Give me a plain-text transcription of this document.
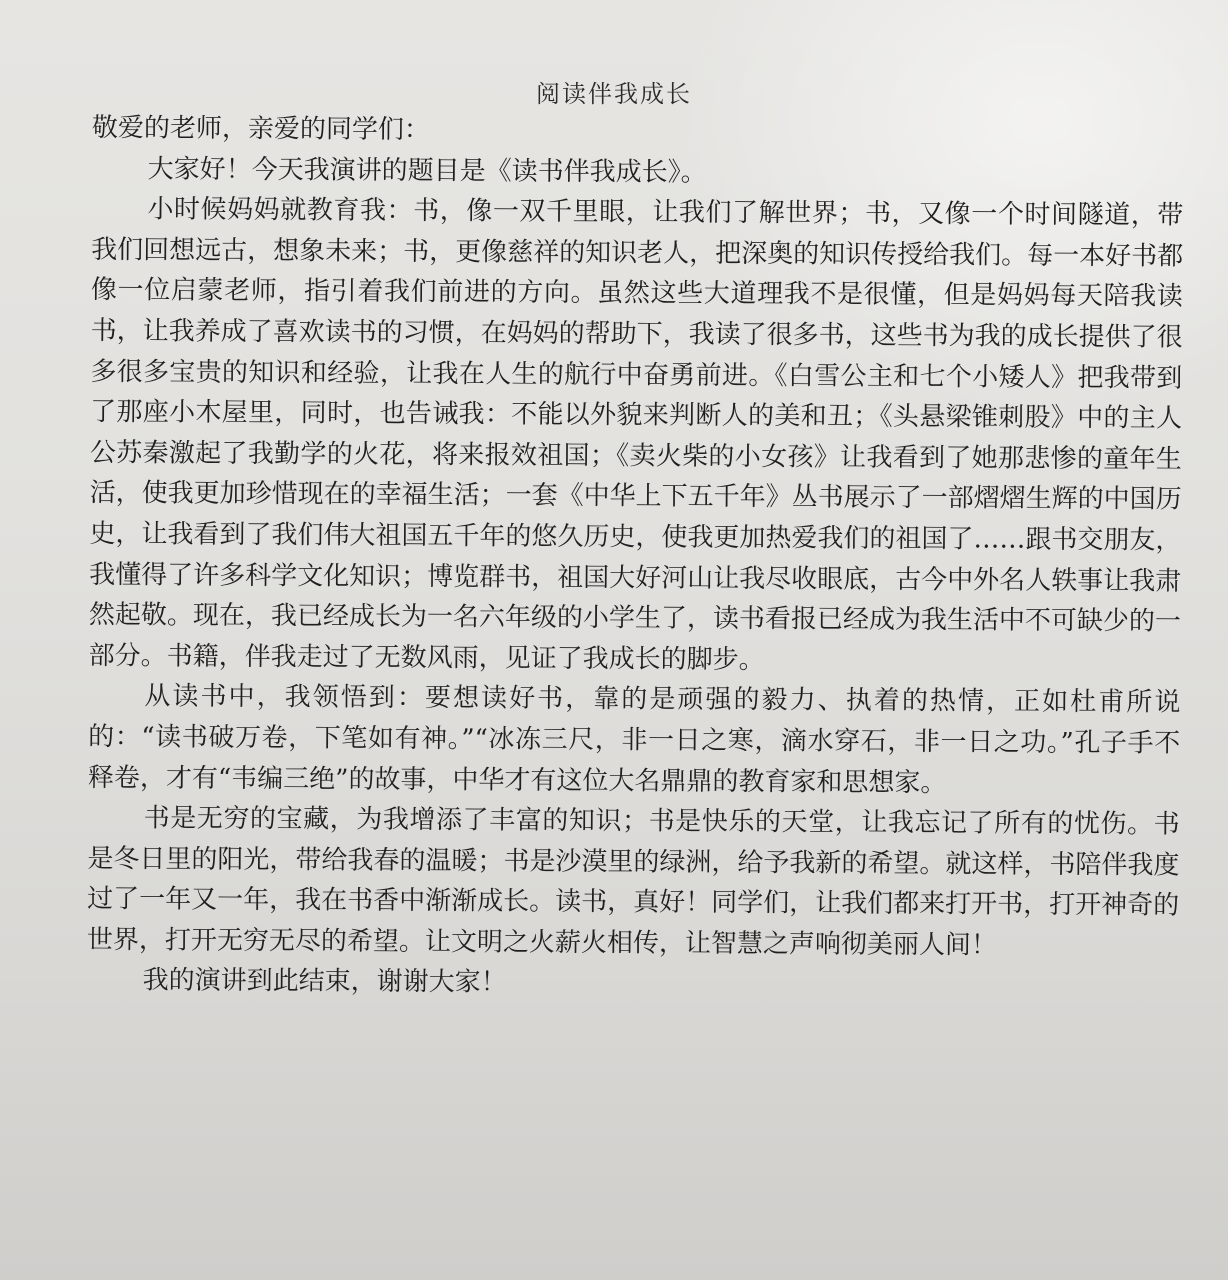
阅读伴我成长

敬爱的老师，亲爱的同学们：

大家好！今天我演讲的题目是《读书伴我成长》。

小时候妈妈就教育我：书，像一双千里眼，让我们了解世界；书，又像一个时间隧道，带我们回想远古，想象未来；书，更像慈祥的知识老人，把深奥的知识传授给我们。每一本好书都像一位启蒙老师，指引着我们前进的方向。虽然这些大道理我不是很懂，但是妈妈每天陪我读书，让我养成了喜欢读书的习惯，在妈妈的帮助下，我读了很多书，这些书为我的成长提供了很多很多宝贵的知识和经验，让我在人生的航行中奋勇前进。《白雪公主和七个小矮人》把我带到了那座小木屋里，同时，也告诫我：不能以外貌来判断人的美和丑；《头悬梁锥刺股》中的主人公苏秦激起了我勤学的火花，将来报效祖国；《卖火柴的小女孩》让我看到了她那悲惨的童年生活，使我更加珍惜现在的幸福生活；一套《中华上下五千年》丛书展示了一部熠熠生辉的中国历史，让我看到了我们伟大祖国五千年的悠久历史，使我更加热爱我们的祖国了……跟书交朋友，我懂得了许多科学文化知识；博览群书，祖国大好河山让我尽收眼底，古今中外名人轶事让我肃然起敬。现在，我已经成长为一名六年级的小学生了，读书看报已经成为我生活中不可缺少的一部分。书籍，伴我走过了无数风雨，见证了我成长的脚步。

从读书中，我领悟到：要想读好书，靠的是顽强的毅力、执着的热情，正如杜甫所说的：“读书破万卷，下笔如有神。”“冰冻三尺，非一日之寒，滴水穿石，非一日之功。”孔子手不释卷，才有“韦编三绝”的故事，中华才有这位大名鼎鼎的教育家和思想家。

书是无穷的宝藏，为我增添了丰富的知识；书是快乐的天堂，让我忘记了所有的忧伤。书是冬日里的阳光，带给我春的温暖；书是沙漠里的绿洲，给予我新的希望。就这样，书陪伴我度过了一年又一年，我在书香中渐渐成长。读书，真好！同学们，让我们都来打开书，打开神奇的世界，打开无穷无尽的希望。让文明之火薪火相传，让智慧之声响彻美丽人间！

我的演讲到此结束，谢谢大家！
